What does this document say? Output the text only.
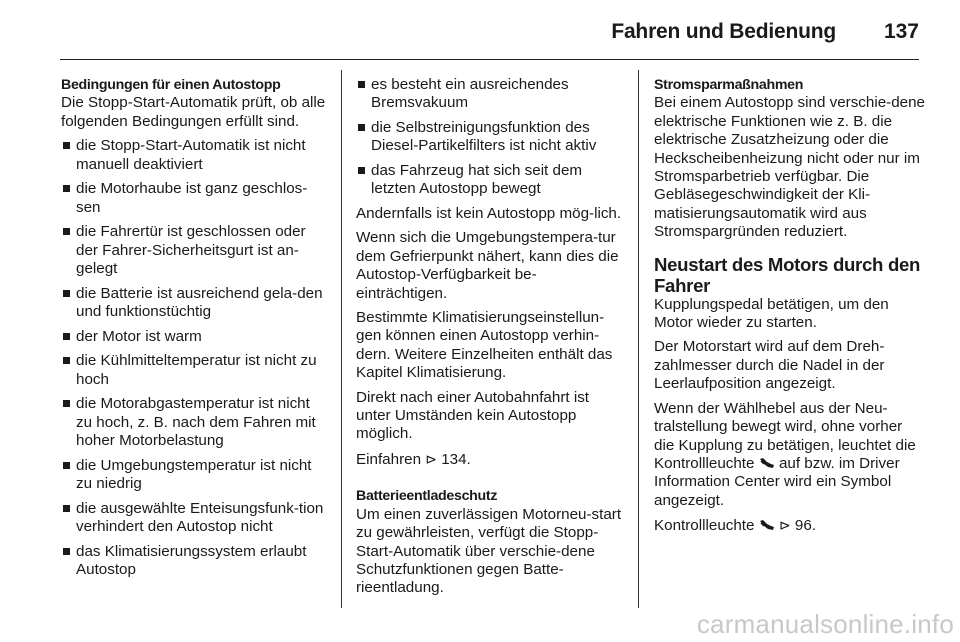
Fahren und Bedienung 137
Bedingungen für einen Autostopp

Die Stopp-Start-Automatik prüft, ob alle folgenden Bedingungen erfüllt sind.

die Stopp-Start-Automatik ist nicht manuell deaktiviert
die Motorhaube ist ganz geschlos-sen
die Fahrertür ist geschlossen oder der Fahrer-Sicherheitsgurt ist an-gelegt
die Batterie ist ausreichend gela-den und funktionstüchtig
der Motor ist warm
die Kühlmitteltemperatur ist nicht zu hoch
die Motorabgastemperatur ist nicht zu hoch, z. B. nach dem Fahren mit hoher Motorbelastung
die Umgebungstemperatur ist nicht zu niedrig
die ausgewählte Enteisungsfunk-tion verhindert den Autostop nicht
das Klimatisierungssystem erlaubt Autostop
es besteht ein ausreichendes Bremsvakuum
die Selbstreinigungsfunktion des Diesel-Partikelfilters ist nicht aktiv
das Fahrzeug hat sich seit dem letzten Autostopp bewegt

Andernfalls ist kein Autostopp mög-lich.

Wenn sich die Umgebungstempera-tur dem Gefrierpunkt nähert, kann dies die Autostop-Verfügbarkeit be-einträchtigen.

Bestimmte Klimatisierungseinstellun-gen können einen Autostopp verhin-dern. Weitere Einzelheiten enthält das Kapitel Klimatisierung.

Direkt nach einer Autobahnfahrt ist unter Umständen kein Autostopp möglich.

Einfahren ⊳ 134.

Batterieentladeschutz

Um einen zuverlässigen Motorneu-start zu gewährleisten, verfügt die Stopp-Start-Automatik über verschie-dene Schutzfunktionen gegen Batte-rieentladung.

Stromsparmaßnahmen

Bei einem Autostopp sind verschie-dene elektrische Funktionen wie z. B. die elektrische Zusatzheizung oder die Heckscheibenheizung nicht oder nur im Stromsparbetrieb verfügbar. Die Gebläsegeschwindigkeit der Kli-matisierungsautomatik wird aus Stromspargründen reduziert.

Neustart des Motors durch den Fahrer

Kupplungspedal betätigen, um den Motor wieder zu starten.

Der Motorstart wird auf dem Dreh-zahlmesser durch die Nadel in der Leerlaufposition angezeigt.

Wenn der Wählhebel aus der Neu-tralstellung bewegt wird, ohne vorher die Kupplung zu betätigen, leuchtet die Kontrollleuchte auf bzw. im Driver Information Center wird ein Symbol angezeigt.

Kontrollleuchte ⊳ 96.

carmanualsonline.info
